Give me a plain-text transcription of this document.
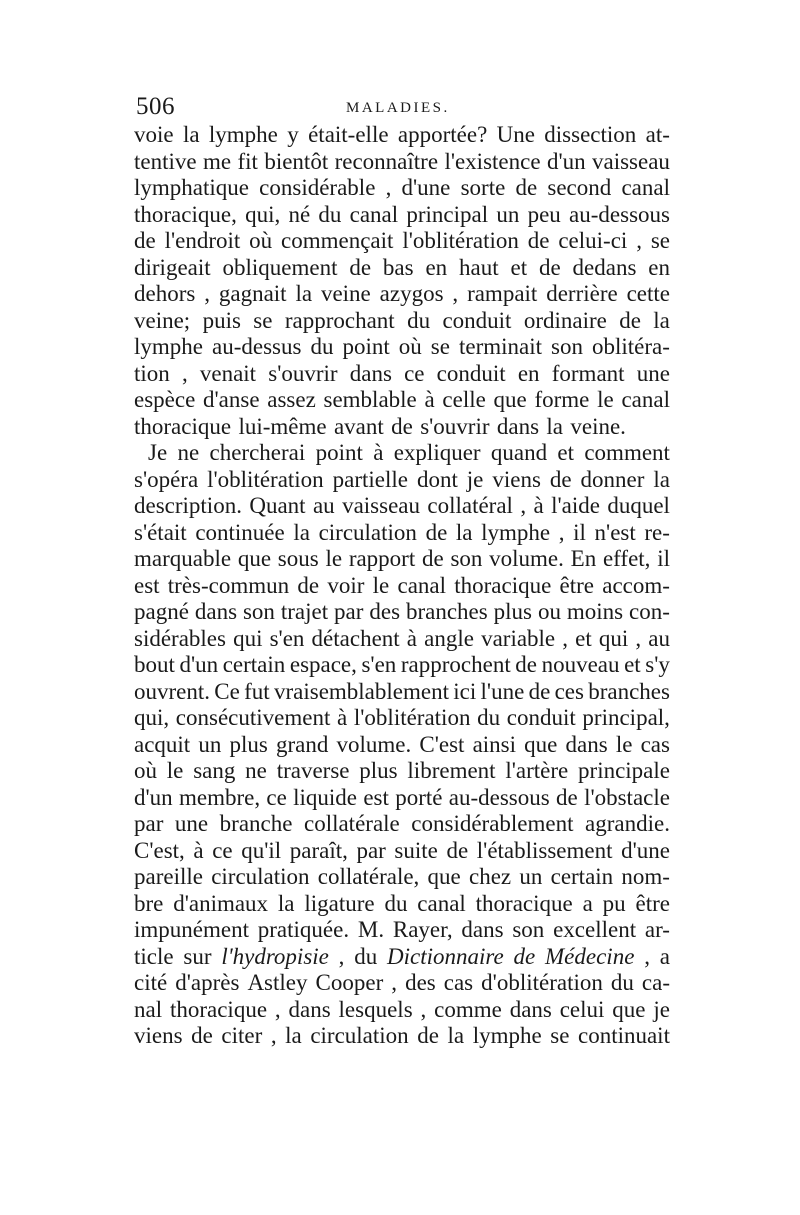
506	MALADIES.
voie la lymphe y était-elle apportée? Une dissection at-
tentive me fit bientôt reconnaître l'existence d'un vaisseau
lymphatique considérable , d'une sorte de second canal
thoracique, qui, né du canal principal un peu au-dessous
de l'endroit où commençait l'oblitération de celui-ci , se
dirigeait obliquement de bas en haut et de dedans en
dehors , gagnait la veine azygos , rampait derrière cette
veine; puis se rapprochant du conduit ordinaire de la
lymphe au-dessus du point où se terminait son oblitéra-
tion , venait s'ouvrir dans ce conduit en formant une
espèce d'anse assez semblable à celle que forme le canal
thoracique lui-même avant de s'ouvrir dans la veine.
Je ne chercherai point à expliquer quand et comment
s'opéra l'oblitération partielle dont je viens de donner la
description. Quant au vaisseau collatéral , à l'aide duquel
s'était continuée la circulation de la lymphe , il n'est re-
marquable que sous le rapport de son volume. En effet, il
est très-commun de voir le canal thoracique être accom-
pagné dans son trajet par des branches plus ou moins con-
sidérables qui s'en détachent à angle variable , et qui , au
bout d'un certain espace, s'en rapprochent de nouveau et s'y
ouvrent. Ce fut vraisemblablement ici l'une de ces branches
qui, consécutivement à l'oblitération du conduit principal,
acquit un plus grand volume. C'est ainsi que dans le cas
où le sang ne traverse plus librement l'artère principale
d'un membre, ce liquide est porté au-dessous de l'obstacle
par une branche collatérale considérablement agrandie.
C'est, à ce qu'il paraît, par suite de l'établissement d'une
pareille circulation collatérale, que chez un certain nom-
bre d'animaux la ligature du canal thoracique a pu être
impunément pratiquée. M. Rayer, dans son excellent ar-
ticle sur l'hydropisie , du Dictionnaire de Médecine , a
cité d'après Astley Cooper , des cas d'oblitération du ca-
nal thoracique , dans lesquels , comme dans celui que je
viens de citer , la circulation de la lymphe se continuait
